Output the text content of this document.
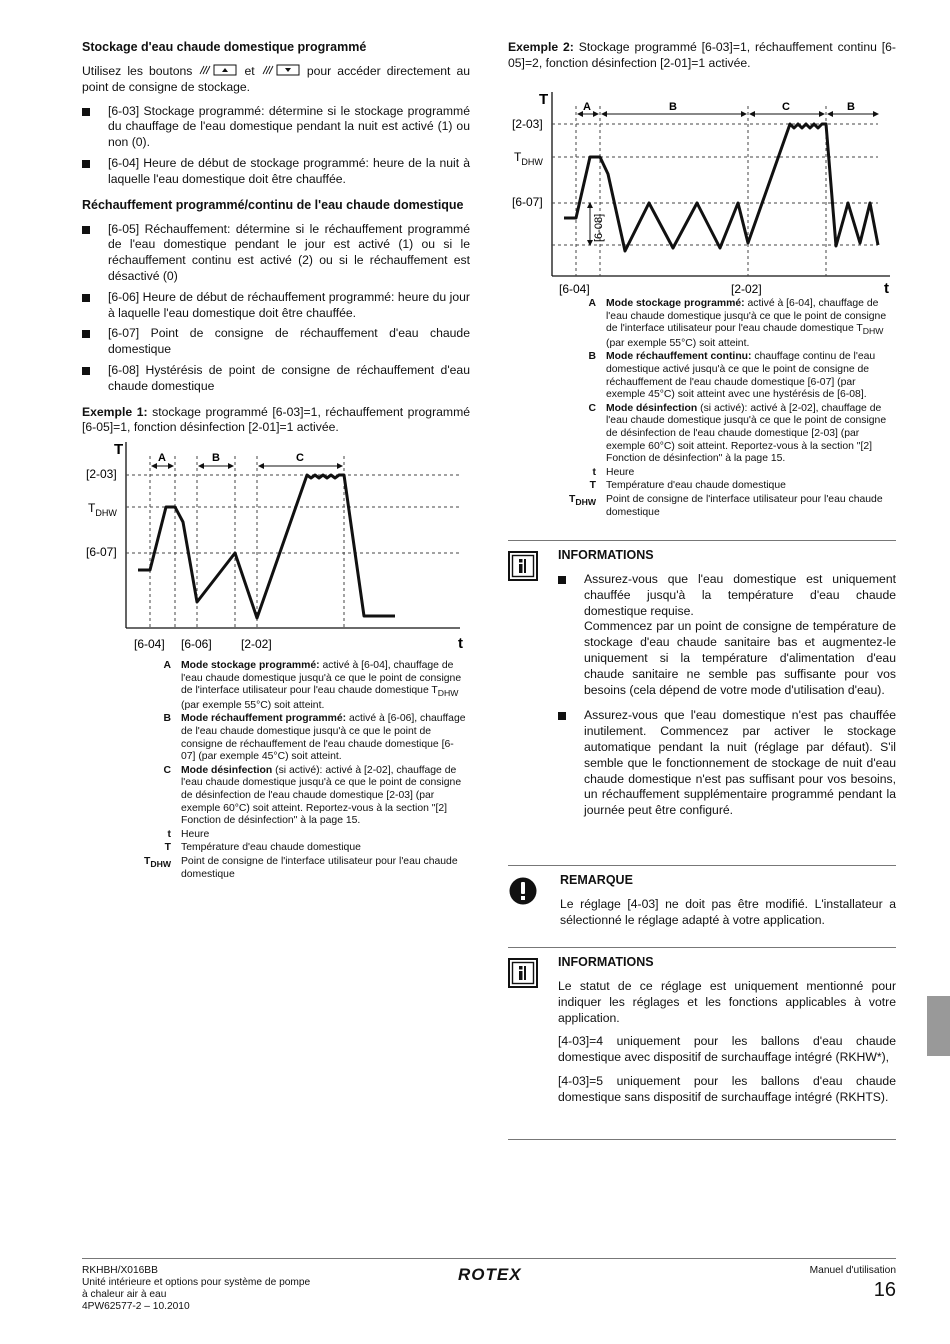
Stockage d'eau chaude domestique programmé

Utilisez les boutons	et	pour accéder directement au point de consigne de stockage.

[6-03] Stockage programmé: détermine si le stockage programmé du chauffage de l'eau domestique pendant la nuit est activé (1) ou non (0).
[6-04] Heure de début de stockage programmé: heure de la nuit à laquelle l'eau domestique doit être chauffée.
Réchauffement programmé/continu de l'eau chaude domestique
[6-05] Réchauffement: détermine si le réchauffement programmé de l'eau domestique pendant le jour est activé (1) ou si le réchauffement continu est activé (2) ou si le réchauffement est désactivé (0)
[6-06] Heure de début de réchauffement programmé: heure du jour à laquelle l'eau domestique doit être chauffée.
[6-07] Point de consigne de réchauffement d'eau chaude domestique
[6-08] Hystérésis de point de consigne de réchauffement d'eau chaude domestique

Exemple 1: stockage programmé [6-03]=1, réchauffement programmé [6-05]=1, fonction désinfection [2-01]=1 activée.

T
t
A	B	C
[2-03]
$T_{DHW}$
[6-07]
[6-04] [6-06] [2-02]
A Mode stockage programmé: activé à [6-04], chauffage de l'eau chaude domestique jusqu'à ce que le point de consigne de l'interface utilisateur pour l'eau chaude domestique $T_{DHW}$ (par exemple 55°C) soit atteint.
B Mode réchauffement programmé: activé à [6-06], chauffage de l'eau chaude domestique jusqu'à ce que le point de consigne de réchauffement de l'eau chaude domestique [6-07] (par exemple 45°C) soit atteint.
C Mode désinfection (si activé): activé à [2-02], chauffage de l'eau chaude domestique jusqu'à ce que le point de consigne de désinfection de l'eau chaude domestique [2-03] (par exemple 60°C) soit atteint. Reportez-vous à la section "[2] Fonction de désinfection" à la page 15.
t Heure
T Température d'eau chaude domestique
$T_{DHW}$ Point de consigne de l'interface utilisateur pour l'eau chaude domestique

Exemple 2: Stockage programmé [6-03]=1, réchauffement continu [6-05]=2, fonction désinfection [2-01]=1 activée.

T
t
A	B	C	B
[2-03]
$T_{DHW}$
[6-07]
[6-08]
[6-04]	[2-02]
A Mode stockage programmé: activé à [6-04], chauffage de l'eau chaude domestique jusqu'à ce que le point de consigne de l'interface utilisateur pour l'eau chaude domestique $T_{DHW}$ (par exemple 55°C) soit atteint.
B Mode réchauffement continu: chauffage continu de l'eau domestique activé jusqu'à ce que le point de consigne de réchauffement de l'eau chaude domestique [6-07] (par exemple 45°C) soit atteint avec une hystérésis de [6-08].
C Mode désinfection (si activé): activé à [2-02], chauffage de l'eau chaude domestique jusqu'à ce que le point de consigne de désinfection de l'eau chaude domestique [2-03] (par exemple 60°C) soit atteint. Reportez-vous à la section "[2] Fonction de désinfection" à la page 15.
t Heure
T Température d'eau chaude domestique
$T_{DHW}$ Point de consigne de l'interface utilisateur pour l'eau chaude domestique
INFORMATIONS
Assurez-vous que l'eau domestique est uniquement chauffée jusqu'à la température d'eau chaude domestique requise.
Commencez par un point de consigne de température de stockage d'eau chaude sanitaire bas et augmentez-le uniquement si la température d'alimentation d'eau chaude sanitaire ne semble pas suffisante pour vos besoins (cela dépend de votre mode d'utilisation d'eau).
Assurez-vous que l'eau domestique n'est pas chauffée inutilement. Commencez par activer le stockage automatique pendant la nuit (réglage par défaut). S'il semble que le fonctionnement de stockage de nuit d'eau chaude domestique n'est pas suffisant pour vos besoins, un réchauffement supplémentaire programmé pendant la journée peut être configuré.
REMARQUE

Le réglage [4-03] ne doit pas être modifié. L'installateur a sélectionné le réglage adapté à votre application.

INFORMATIONS

Le statut de ce réglage est uniquement mentionné pour indiquer les réglages et les fonctions applicables à votre application.

[4-03]=4 uniquement pour les ballons d'eau chaude domestique avec dispositif de surchauffage intégré (RKHW*),

[4-03]=5 uniquement pour les ballons d'eau chaude domestique sans dispositif de surchauffage intégré (RKHTS).

RKHBH/X016BB
Unité intérieure et options pour système de pompe
à chaleur air à eau
4PW62577-2 – 10.2010
ROTEX	Manuel d'utilisation
16
